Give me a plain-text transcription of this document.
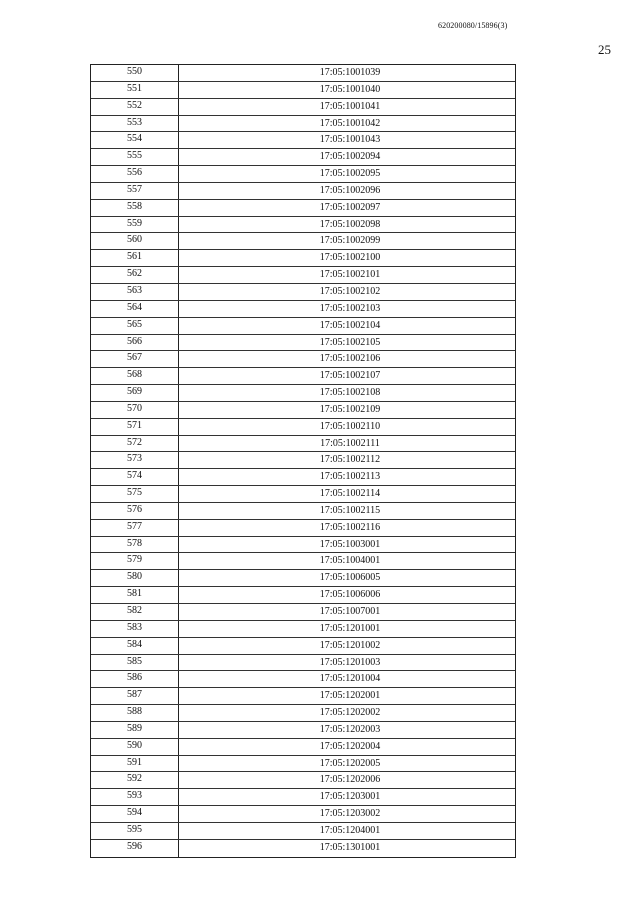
620200080/15896(3)
25
550	17:05:1001039
551	17:05:1001040
552	17:05:1001041
553	17:05:1001042
554	17:05:1001043
555	17:05:1002094
556	17:05:1002095
557	17:05:1002096
558	17:05:1002097
559	17:05:1002098
560	17:05:1002099
561	17:05:1002100
562	17:05:1002101
563	17:05:1002102
564	17:05:1002103
565	17:05:1002104
566	17:05:1002105
567	17:05:1002106
568	17:05:1002107
569	17:05:1002108
570	17:05:1002109
571	17:05:1002110
572	17:05:1002111
573	17:05:1002112
574	17:05:1002113
575	17:05:1002114
576	17:05:1002115
577	17:05:1002116
578	17:05:1003001
579	17:05:1004001
580	17:05:1006005
581	17:05:1006006
582	17:05:1007001
583	17:05:1201001
584	17:05:1201002
585	17:05:1201003
586	17:05:1201004
587	17:05:1202001
588	17:05:1202002
589	17:05:1202003
590	17:05:1202004
591	17:05:1202005
592	17:05:1202006
593	17:05:1203001
594	17:05:1203002
595	17:05:1204001
596	17:05:1301001
